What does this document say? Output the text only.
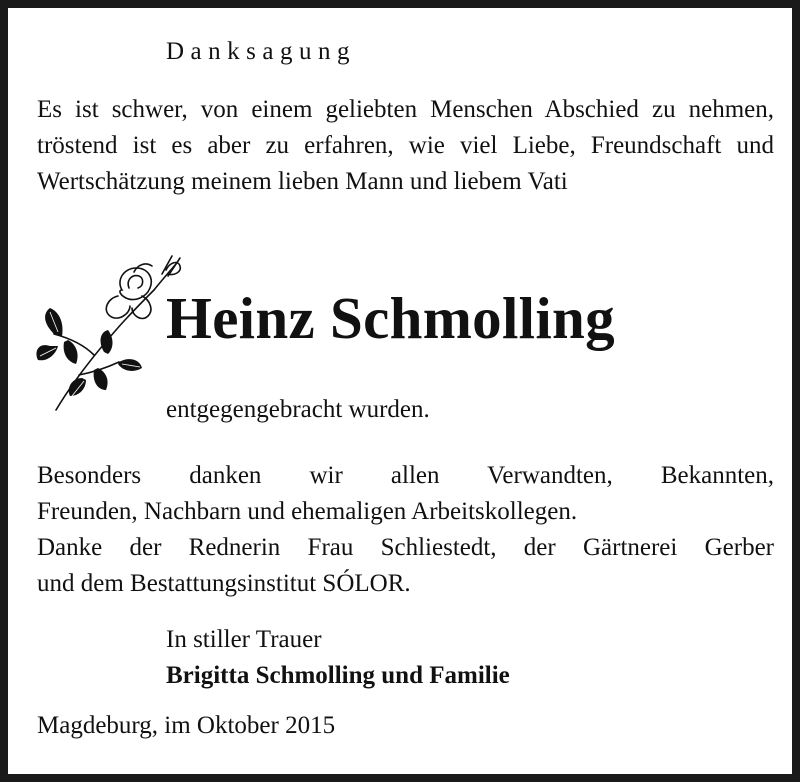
Danksagung

Es ist schwer, von einem geliebten Menschen Abschied zu nehmen, tröstend ist es aber zu erfahren, wie viel Liebe, Freundschaft und Wertschätzung meinem lieben Mann und liebem Vati

Heinz Schmolling
entgegengebracht wurden.
Besonders danken wir allen Verwandten, Bekannten,
Freunden, Nachbarn und ehemaligen Arbeitskollegen.
Danke der Rednerin Frau Schliestedt, der Gärtnerei Gerber
und dem Bestattungsinstitut SÓLOR.
In stiller Trauer
Brigitta Schmolling und Familie
Magdeburg, im Oktober 2015
